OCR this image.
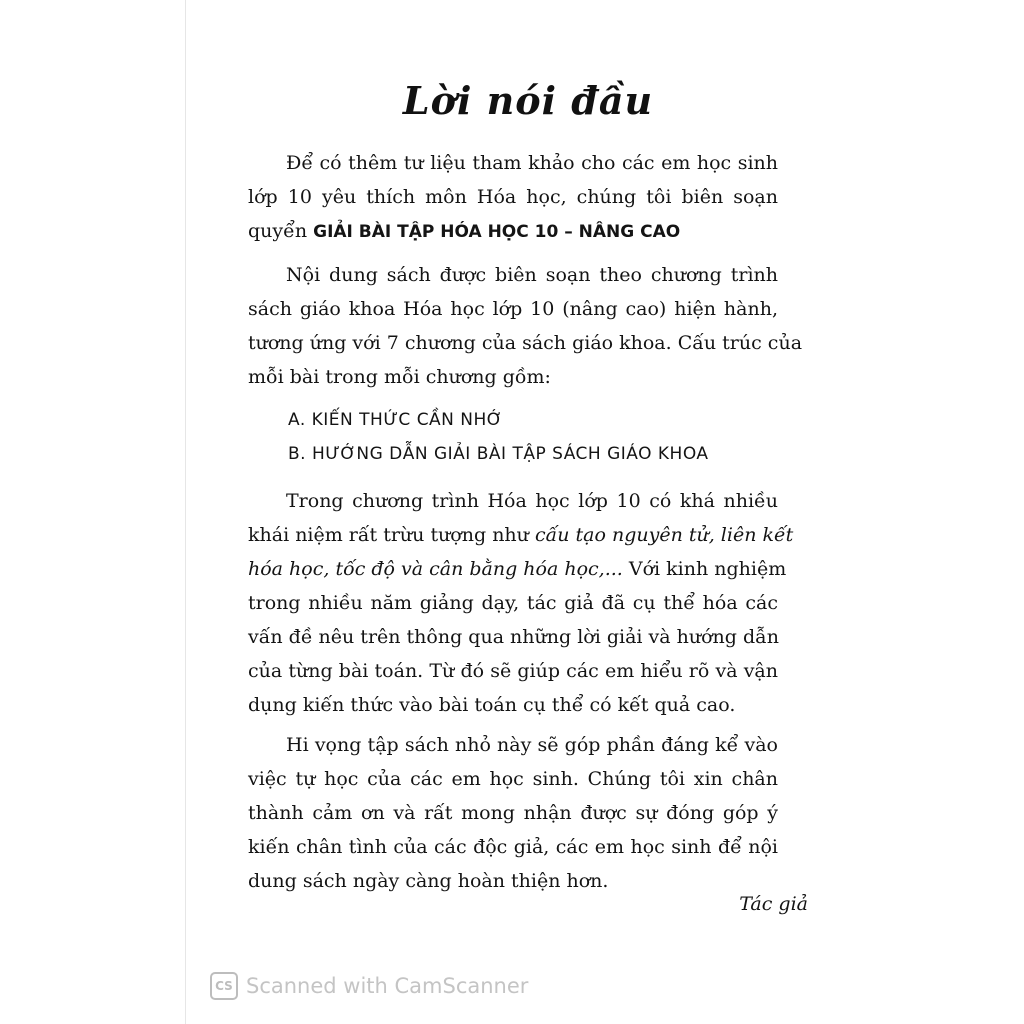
Lời nói đầu
Để có thêm tư liệu tham khảo cho các em học sinh
lớp 10 yêu thích môn Hóa học, chúng tôi biên soạn
quyển GIẢI BÀI TẬP HÓA HỌC 10 – NÂNG CAO
Nội dung sách được biên soạn theo chương trình
sách giáo khoa Hóa học lớp 10 (nâng cao) hiện hành,
tương ứng với 7 chương của sách giáo khoa. Cấu trúc của
mỗi bài trong mỗi chương gồm:

A. KIẾN THỨC CẦN NHỚ

B. HƯỚNG DẪN GIẢI BÀI TẬP SÁCH GIÁO KHOA

Trong chương trình Hóa học lớp 10 có khá nhiều
khái niệm rất trừu tượng như cấu tạo nguyên tử, liên kết
hóa học, tốc độ và cân bằng hóa học,... Với kinh nghiệm
trong nhiều năm giảng dạy, tác giả đã cụ thể hóa các
vấn đề nêu trên thông qua những lời giải và hướng dẫn
của từng bài toán. Từ đó sẽ giúp các em hiểu rõ và vận
dụng kiến thức vào bài toán cụ thể có kết quả cao.
Hi vọng tập sách nhỏ này sẽ góp phần đáng kể vào
việc tự học của các em học sinh. Chúng tôi xin chân
thành cảm ơn và rất mong nhận được sự đóng góp ý
kiến chân tình của các độc giả, các em học sinh để nội
dung sách ngày càng hoàn thiện hơn.

Tác giả

CS Scanned with CamScanner
